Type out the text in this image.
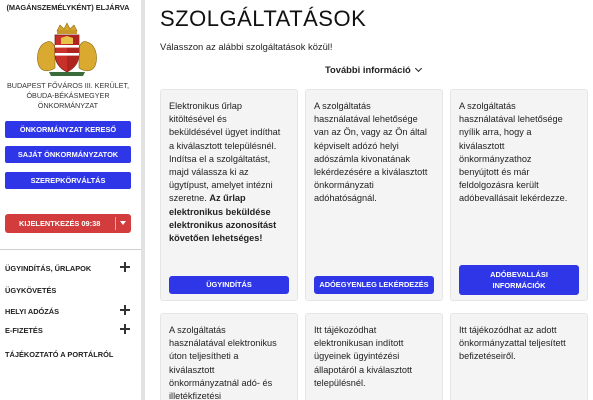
(MAGÁNSZEMÉLYKÉNT) ELJÁRVA
BUDAPEST FŐVÁROS III. KERÜLET,
ÓBUDA-BÉKÁSMEGYER
ÖNKORMÁNYZAT
ÖNKORMÁNYZAT KERESŐ
SAJÁT ÖNKORMÁNYZATOK
SZEREPKÖRVÁLTÁS
KIJELENTKEZÉS 09:38
ÜGYINDÍTÁS, ŰRLAPOK
ÜGYKÖVETÉS
HELYI ADÓZÁS
E-FIZETÉS
TÁJÉKOZTATÓ A PORTÁLRÓL
SZOLGÁLTATÁSOK
Válasszon az alábbi szolgáltatások közül!
További információ
Elektronikus űrlap
kitöltésével és
beküldésével ügyet indíthat
a kiválasztott településnél.
Indítsa el a szolgáltatást,
majd válassza ki az
ügytípust, amelyet intézni
szeretne. Az űrlap
elektronikus beküldése
elektronikus azonosítást
követően lehetséges!
ÜGYINDÍTÁS
A szolgáltatás
használatával lehetősége
van az Ön, vagy az Ön által
képviselt adózó helyi
adószámla kivonatának
lekérdezésére a kiválasztott
önkormányzati
adóhatóságnál.
ADÓEGYENLEG LEKÉRDEZÉS
A szolgáltatás
használatával lehetősége
nyílik arra, hogy a
kiválasztott
önkormányzathoz
benyújtott és már
feldolgozásra került
adóbevallásait lekérdezze.
ADÓBEVALLÁSI
INFORMÁCIÓK
A szolgáltatás
használatával elektronikus
úton teljesítheti a
kiválasztott
önkormányzatnál adó- és
illetékfizetési
Itt tájékozódhat
elektronikusan indított
ügyeinek ügyintézési
állapotáról a kiválasztott
településnél.
Itt tájékozódhat az adott
önkormányzattal teljesített
befizetéseiről.
